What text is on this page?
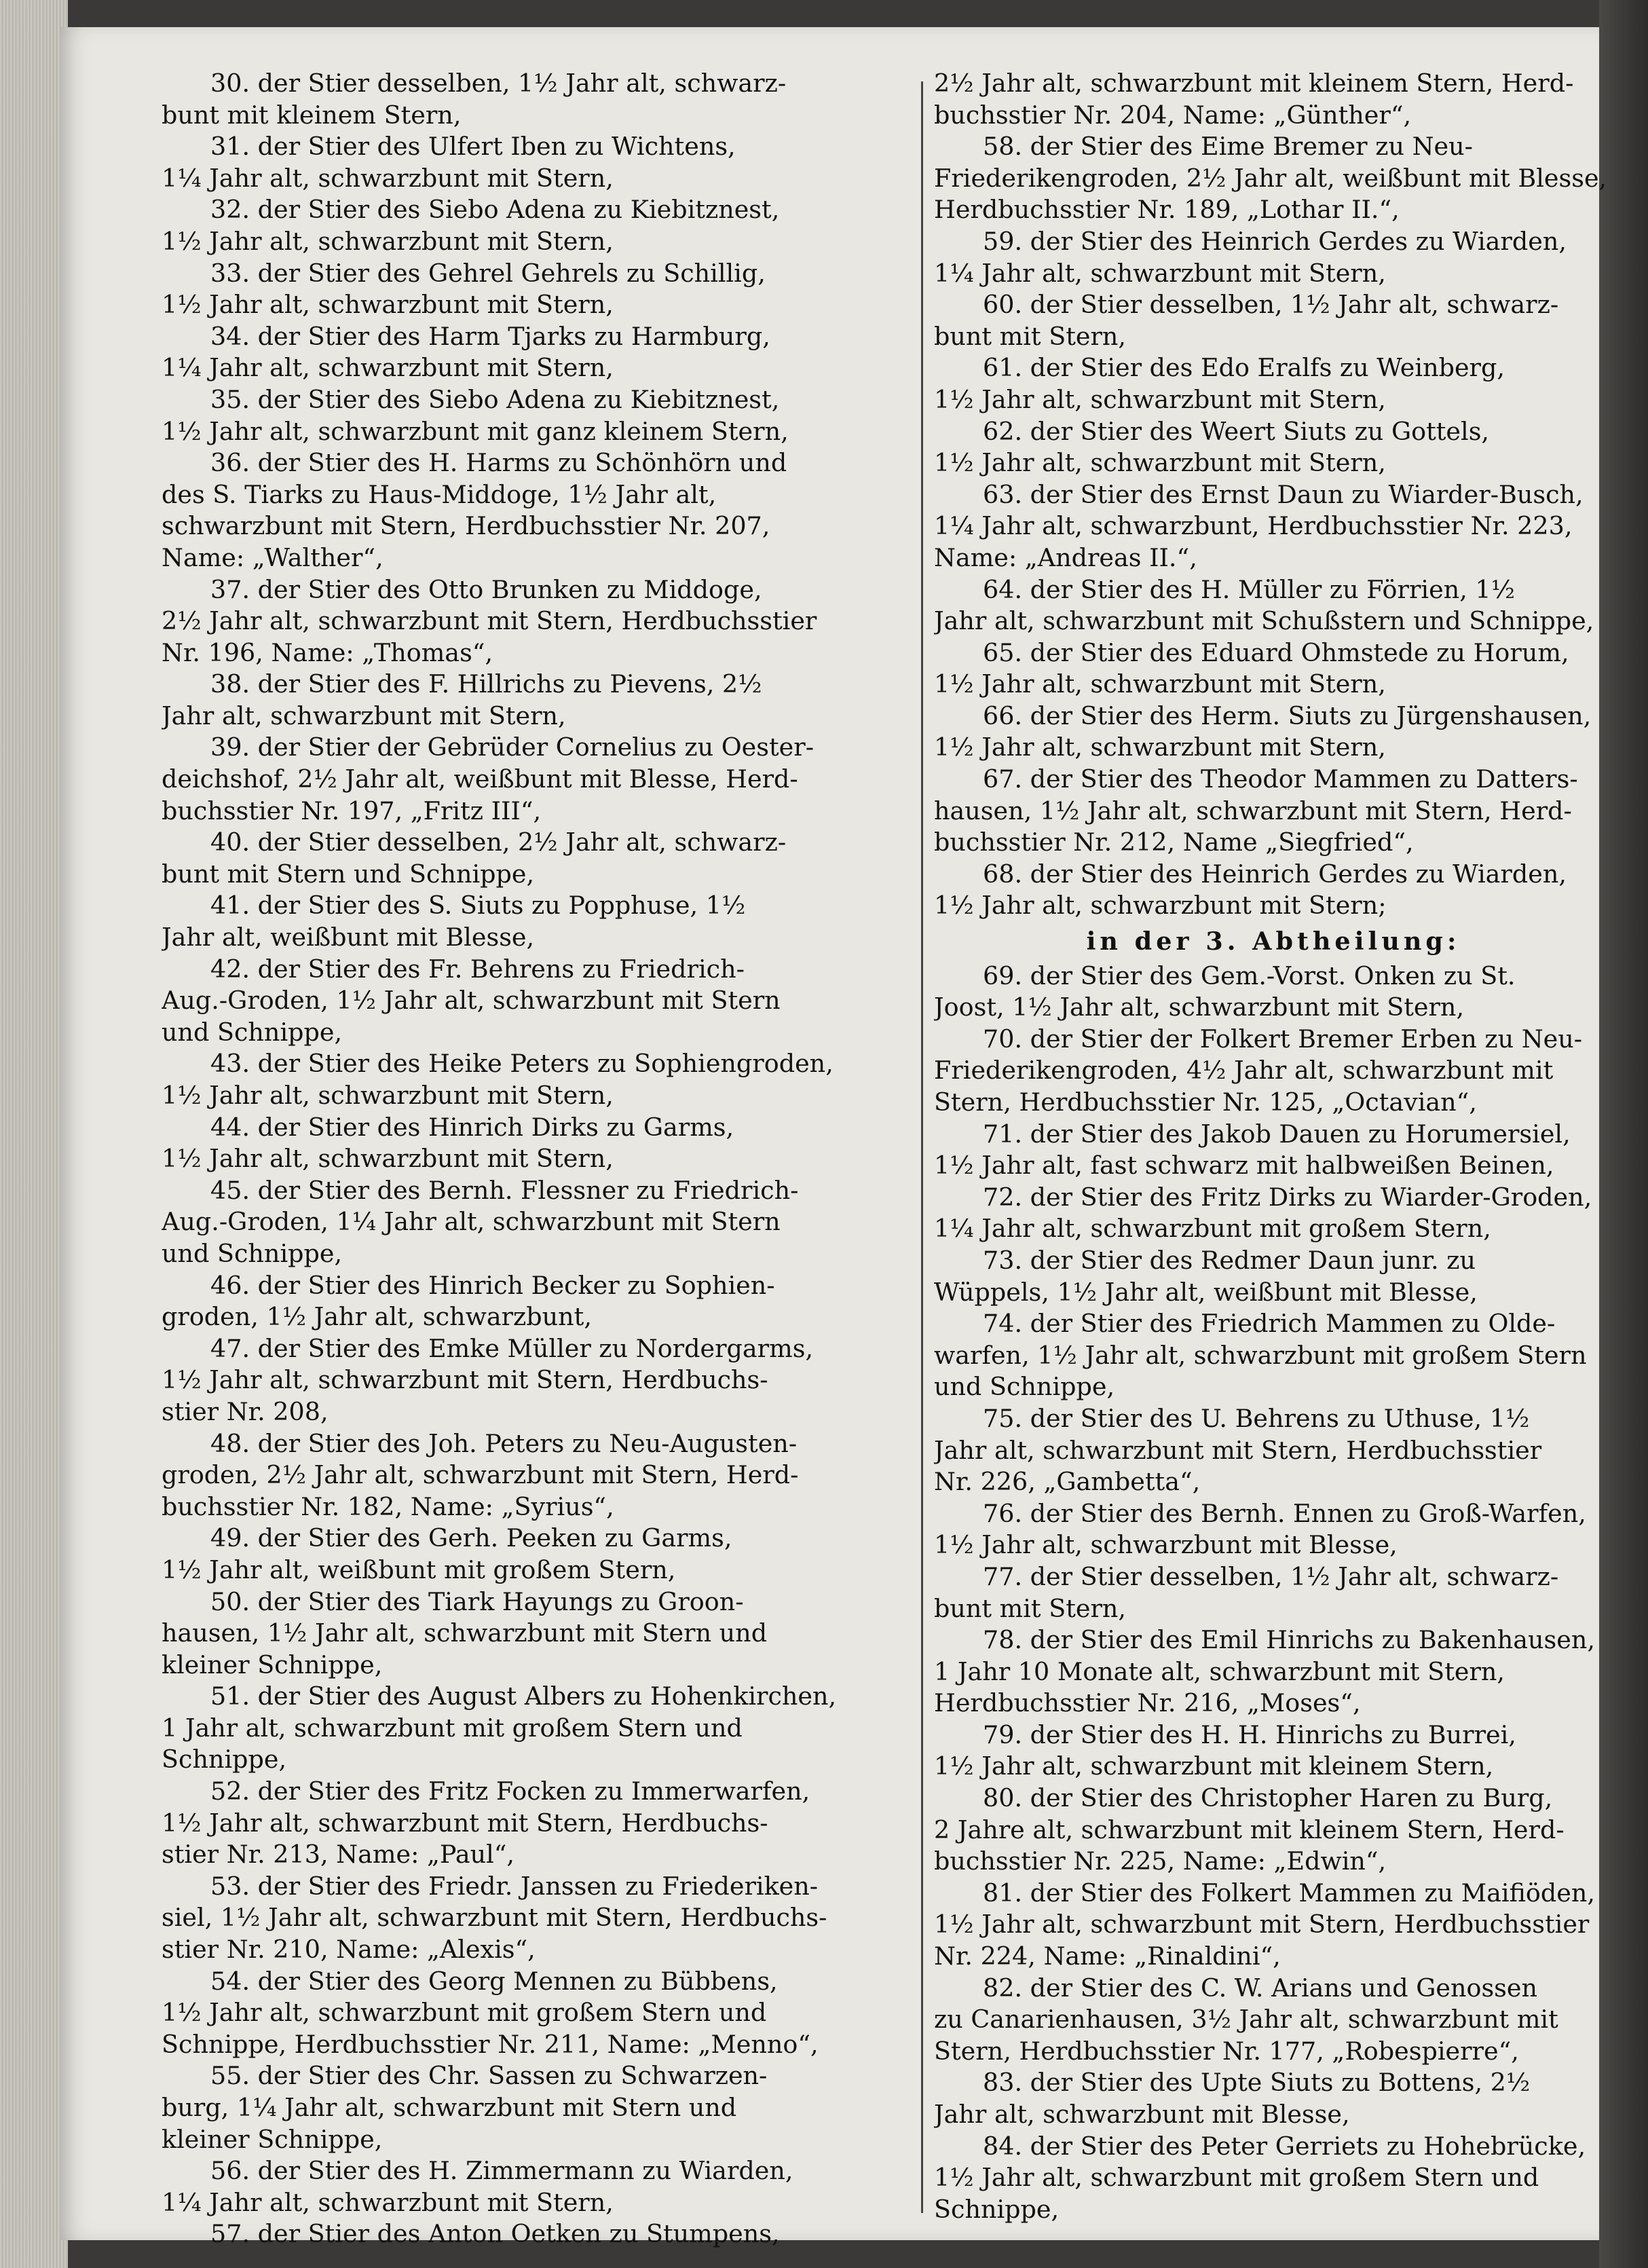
30. der Stier desselben, 1½ Jahr alt, schwarz-
bunt mit kleinem Stern,
31. der Stier des Ulfert Iben zu Wichtens,
1¼ Jahr alt, schwarzbunt mit Stern,
32. der Stier des Siebo Adena zu Kiebitznest,
1½ Jahr alt, schwarzbunt mit Stern,
33. der Stier des Gehrel Gehrels zu Schillig,
1½ Jahr alt, schwarzbunt mit Stern,
34. der Stier des Harm Tjarks zu Harmburg,
1¼ Jahr alt, schwarzbunt mit Stern,
35. der Stier des Siebo Adena zu Kiebitznest,
1½ Jahr alt, schwarzbunt mit ganz kleinem Stern,
36. der Stier des H. Harms zu Schönhörn und
des S. Tiarks zu Haus-Middoge, 1½ Jahr alt,
schwarzbunt mit Stern, Herdbuchsstier Nr. 207,
Name: „Walther“,
37. der Stier des Otto Brunken zu Middoge,
2½ Jahr alt, schwarzbunt mit Stern, Herdbuchsstier
Nr. 196, Name: „Thomas“,
38. der Stier des F. Hillrichs zu Pievens, 2½
Jahr alt, schwarzbunt mit Stern,
39. der Stier der Gebrüder Cornelius zu Oester-
deichshof, 2½ Jahr alt, weißbunt mit Blesse, Herd-
buchsstier Nr. 197, „Fritz III“,
40. der Stier desselben, 2½ Jahr alt, schwarz-
bunt mit Stern und Schnippe,
41. der Stier des S. Siuts zu Popphuse, 1½
Jahr alt, weißbunt mit Blesse,
42. der Stier des Fr. Behrens zu Friedrich-
Aug.-Groden, 1½ Jahr alt, schwarzbunt mit Stern
und Schnippe,
43. der Stier des Heike Peters zu Sophiengroden,
1½ Jahr alt, schwarzbunt mit Stern,
44. der Stier des Hinrich Dirks zu Garms,
1½ Jahr alt, schwarzbunt mit Stern,
45. der Stier des Bernh. Flessner zu Friedrich-
Aug.-Groden, 1¼ Jahr alt, schwarzbunt mit Stern
und Schnippe,
46. der Stier des Hinrich Becker zu Sophien-
groden, 1½ Jahr alt, schwarzbunt,
47. der Stier des Emke Müller zu Nordergarms,
1½ Jahr alt, schwarzbunt mit Stern, Herdbuchs-
stier Nr. 208,
48. der Stier des Joh. Peters zu Neu-Augusten-
groden, 2½ Jahr alt, schwarzbunt mit Stern, Herd-
buchsstier Nr. 182, Name: „Syrius“,
49. der Stier des Gerh. Peeken zu Garms,
1½ Jahr alt, weißbunt mit großem Stern,
50. der Stier des Tiark Hayungs zu Groon-
hausen, 1½ Jahr alt, schwarzbunt mit Stern und
kleiner Schnippe,
51. der Stier des August Albers zu Hohenkirchen,
1 Jahr alt, schwarzbunt mit großem Stern und
Schnippe,
52. der Stier des Fritz Focken zu Immerwarfen,
1½ Jahr alt, schwarzbunt mit Stern, Herdbuchs-
stier Nr. 213, Name: „Paul“,
53. der Stier des Friedr. Janssen zu Friederiken-
siel, 1½ Jahr alt, schwarzbunt mit Stern, Herdbuchs-
stier Nr. 210, Name: „Alexis“,
54. der Stier des Georg Mennen zu Bübbens,
1½ Jahr alt, schwarzbunt mit großem Stern und
Schnippe, Herdbuchsstier Nr. 211, Name: „Menno“,
55. der Stier des Chr. Sassen zu Schwarzen-
burg, 1¼ Jahr alt, schwarzbunt mit Stern und
kleiner Schnippe,
56. der Stier des H. Zimmermann zu Wiarden,
1¼ Jahr alt, schwarzbunt mit Stern,
57. der Stier des Anton Oetken zu Stumpens,
2½ Jahr alt, schwarzbunt mit kleinem Stern, Herd-
buchsstier Nr. 204, Name: „Günther“,
58. der Stier des Eime Bremer zu Neu-
Friederikengroden, 2½ Jahr alt, weißbunt mit Blesse,
Herdbuchsstier Nr. 189, „Lothar II.“,
59. der Stier des Heinrich Gerdes zu Wiarden,
1¼ Jahr alt, schwarzbunt mit Stern,
60. der Stier desselben, 1½ Jahr alt, schwarz-
bunt mit Stern,
61. der Stier des Edo Eralfs zu Weinberg,
1½ Jahr alt, schwarzbunt mit Stern,
62. der Stier des Weert Siuts zu Gottels,
1½ Jahr alt, schwarzbunt mit Stern,
63. der Stier des Ernst Daun zu Wiarder-Busch,
1¼ Jahr alt, schwarzbunt, Herdbuchsstier Nr. 223,
Name: „Andreas II.“,
64. der Stier des H. Müller zu Förrien, 1½
Jahr alt, schwarzbunt mit Schußstern und Schnippe,
65. der Stier des Eduard Ohmstede zu Horum,
1½ Jahr alt, schwarzbunt mit Stern,
66. der Stier des Herm. Siuts zu Jürgenshausen,
1½ Jahr alt, schwarzbunt mit Stern,
67. der Stier des Theodor Mammen zu Datters-
hausen, 1½ Jahr alt, schwarzbunt mit Stern, Herd-
buchsstier Nr. 212, Name „Siegfried“,
68. der Stier des Heinrich Gerdes zu Wiarden,
1½ Jahr alt, schwarzbunt mit Stern;
in der 3. Abtheilung:
69. der Stier des Gem.-Vorst. Onken zu St.
Joost, 1½ Jahr alt, schwarzbunt mit Stern,
70. der Stier der Folkert Bremer Erben zu Neu-
Friederikengroden, 4½ Jahr alt, schwarzbunt mit
Stern, Herdbuchsstier Nr. 125, „Octavian“,
71. der Stier des Jakob Dauen zu Horumersiel,
1½ Jahr alt, fast schwarz mit halbweißen Beinen,
72. der Stier des Fritz Dirks zu Wiarder-Groden,
1¼ Jahr alt, schwarzbunt mit großem Stern,
73. der Stier des Redmer Daun junr. zu
Wüppels, 1½ Jahr alt, weißbunt mit Blesse,
74. der Stier des Friedrich Mammen zu Olde-
warfen, 1½ Jahr alt, schwarzbunt mit großem Stern
und Schnippe,
75. der Stier des U. Behrens zu Uthuse, 1½
Jahr alt, schwarzbunt mit Stern, Herdbuchsstier
Nr. 226, „Gambetta“,
76. der Stier des Bernh. Ennen zu Groß-Warfen,
1½ Jahr alt, schwarzbunt mit Blesse,
77. der Stier desselben, 1½ Jahr alt, schwarz-
bunt mit Stern,
78. der Stier des Emil Hinrichs zu Bakenhausen,
1 Jahr 10 Monate alt, schwarzbunt mit Stern,
Herdbuchsstier Nr. 216, „Moses“,
79. der Stier des H. H. Hinrichs zu Burrei,
1½ Jahr alt, schwarzbunt mit kleinem Stern,
80. der Stier des Christopher Haren zu Burg,
2 Jahre alt, schwarzbunt mit kleinem Stern, Herd-
buchsstier Nr. 225, Name: „Edwin“,
81. der Stier des Folkert Mammen zu Maifiöden,
1½ Jahr alt, schwarzbunt mit Stern, Herdbuchsstier
Nr. 224, Name: „Rinaldini“,
82. der Stier des C. W. Arians und Genossen
zu Canarienhausen, 3½ Jahr alt, schwarzbunt mit
Stern, Herdbuchsstier Nr. 177, „Robespierre“,
83. der Stier des Upte Siuts zu Bottens, 2½
Jahr alt, schwarzbunt mit Blesse,
84. der Stier des Peter Gerriets zu Hohebrücke,
1½ Jahr alt, schwarzbunt mit großem Stern und
Schnippe,
